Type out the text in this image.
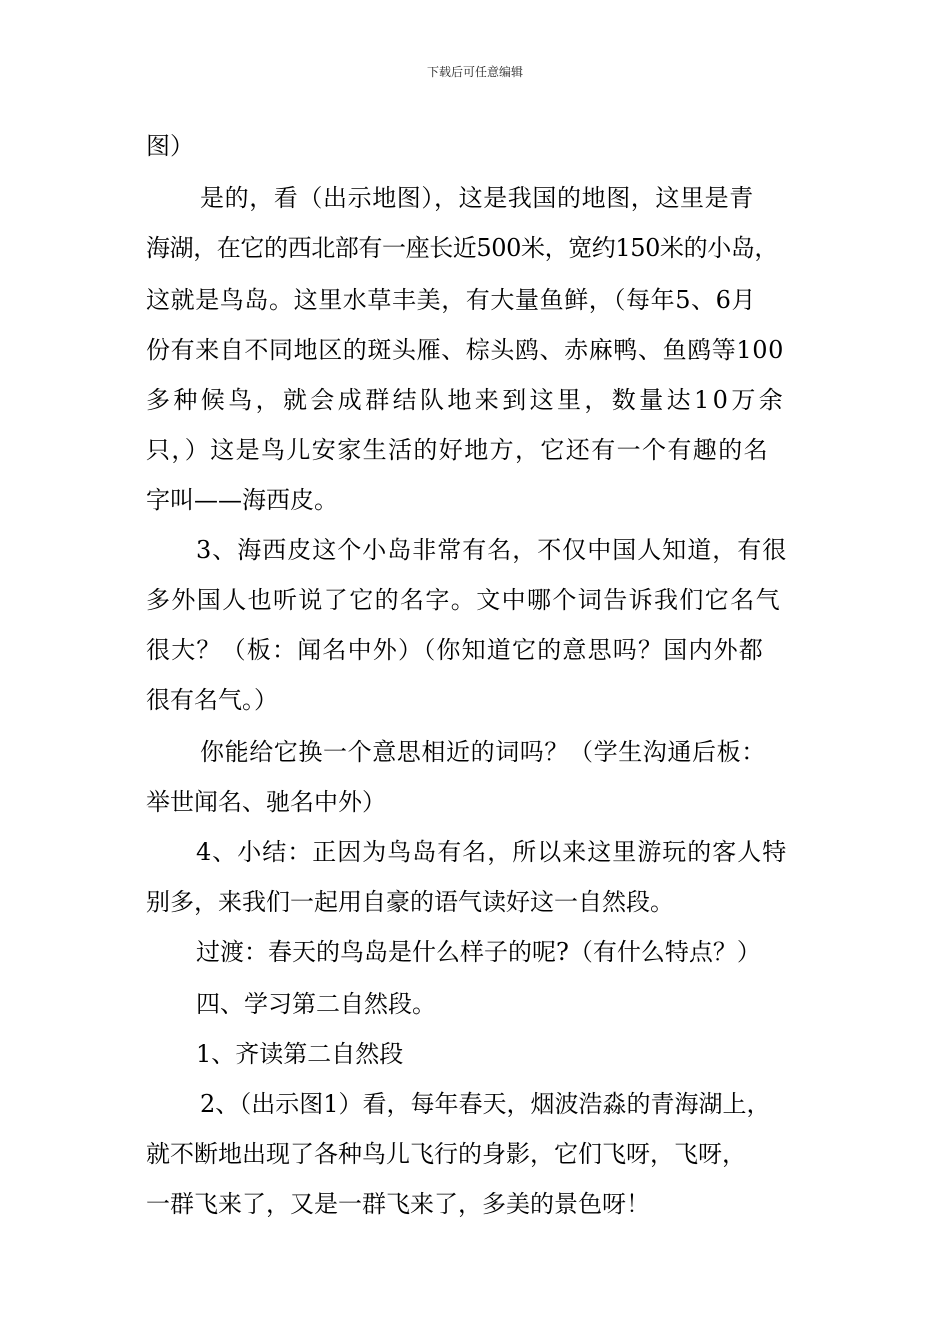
下载后可任意编辑
图）
是的，看（出示地图），这是我国的地图，这里是青
海湖，在它的西北部有一座长近500米，宽约150米的小岛，
这就是鸟岛。这里水草丰美，有大量鱼鲜，（每年5、6月
份有来自不同地区的斑头雁、棕头鸥、赤麻鸭、鱼鸥等100
多种候鸟，就会成群结队地来到这里，数量达10万余
只，）这是鸟儿安家生活的好地方，它还有一个有趣的名
字叫——海西皮。
3、海西皮这个小岛非常有名，不仅中国人知道，有很
多外国人也听说了它的名字。文中哪个词告诉我们它名气
很大？（板：闻名中外）（你知道它的意思吗？国内外都
很有名气。）
你能给它换一个意思相近的词吗？（学生沟通后板：
举世闻名、驰名中外）
4、小结：正因为鸟岛有名，所以来这里游玩的客人特
别多，来我们一起用自豪的语气读好这一自然段。
过渡：春天的鸟岛是什么样子的呢?（有什么特点？）
四、学习第二自然段。
1、齐读第二自然段
2、（出示图1）看，每年春天，烟波浩淼的青海湖上，
就不断地出现了各种鸟儿飞行的身影，它们飞呀，飞呀，
一群飞来了，又是一群飞来了，多美的景色呀！
